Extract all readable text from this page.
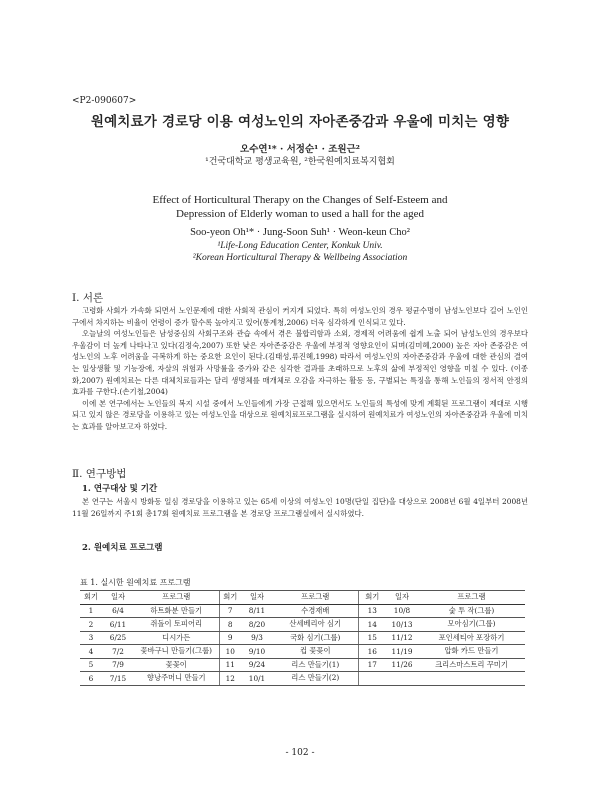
<P2-090607>
원예치료가 경로당 이용 여성노인의 자아존중감과 우울에 미치는 영향
오수연¹* · 서정순¹ · 조원근²
¹건국대학교 평생교육원, ²한국원예치료복지협회
Effect of Horticultural Therapy on the Changes of Self-Esteem and
Depression of Elderly woman to used a hall for the aged
Soo-yeon Oh¹* · Jung-Soon Suh¹ · Weon-keun Cho²
¹Life-Long Education Center, Konkuk Univ.
²Korean Horticultural Therapy & Wellbeing Association
Ⅰ. 서론

고령화 사회가 가속화 되면서 노인문제에 대한 사회적 관심이 커지게 되었다. 특히 여성노인의 경우 평균수명이 남성노인보다 길어 노인인구에서 차지하는 비율이 연령이 증가 할수록 높아지고 있어(통계청,2006) 더욱 심각하게 인식되고 있다.

오늘날의 여성노인들은 남성중심의 사회구조와 관습 속에서 겪은 불합리함과 소외, 경제적 어려움에 쉽게 노출 되어 남성노인의 경우보다 우울감이 더 높게 나타나고 있다(김정숙,2007) 또한 낮은 자아존중감은 우울에 부정적 영향요인이 되며(김미혜,2000) 높은 자아 존중감은 여성노인의 노후 어려움을 극복하게 하는 중요한 요인이 된다.(김태성,류진혜,1998) 따라서 여성노인의 자아존중감과 우울에 대한 관심의 결여는 일상생활 및 기능장애, 자살의 위험과 사망률을 증가와 같은 심각한 결과를 초래하므로 노후의 삶에 부정적인 영향을 미칠 수 있다. (이종화,2007) 원예치료는 다른 대체치료들과는 달리 생명체를 매개체로 오감을 자극하는 활동 등, 구별되는 특징을 통해 노인들의 정서적 안정의 효과를 구한다.(손기철,2004)

이에 본 연구에서는 노인들의 복지 시설 중에서 노인들에게 가장 근접해 있으면서도 노인들의 특성에 맞게 계획된 프로그램이 제대로 시행되고 있지 않은 경로당을 이용하고 있는 여성노인을 대상으로 원예치료프로그램을 실시하여 원예치료가 여성노인의 자아존중감과 우울에 미치는 효과를 알아보고자 하였다.

Ⅱ. 연구방법
1. 연구대상 및 기간

본 연구는 서울시 방화동 일심 경로당을 이용하고 있는 65세 이상의 여성노인 10명(단일 집단)을 대상으로 2008년 6월 4일부터 2008년 11월 26일까지 주1회 총17회 원예치료 프로그램을 본 경로당 프로그램실에서 실시하였다.

2. 원예치료 프로그램
표 1. 실시한 원예치료 프로그램
회기	일자	프로그램	회기	일자	프로그램	회기	일자	프로그램
1	6/4	하트화분 만들기	7	8/11	수경재배	13	10/8	숯 투 작(그룹)
2	6/11	쥐돌이 토피어리	8	8/20	산세베리아 심기	14	10/13	모아심기(그룹)
3	6/25	디시가든	9	9/3	국화 심기(그룹)	15	11/12	포인세티아 포장하기
4	7/2	꽃바구니 만들기(그룹)	10	9/10	컵 꽃꽂이	16	11/19	압화 카드 만들기
5	7/9	꽃꽂이	11	9/24	리스 만들기(1)	17	11/26	크리스마스트리 꾸미기
6	7/15	향낭주머니 만들기	12	10/1	리스 만들기(2)			
- 102 -
